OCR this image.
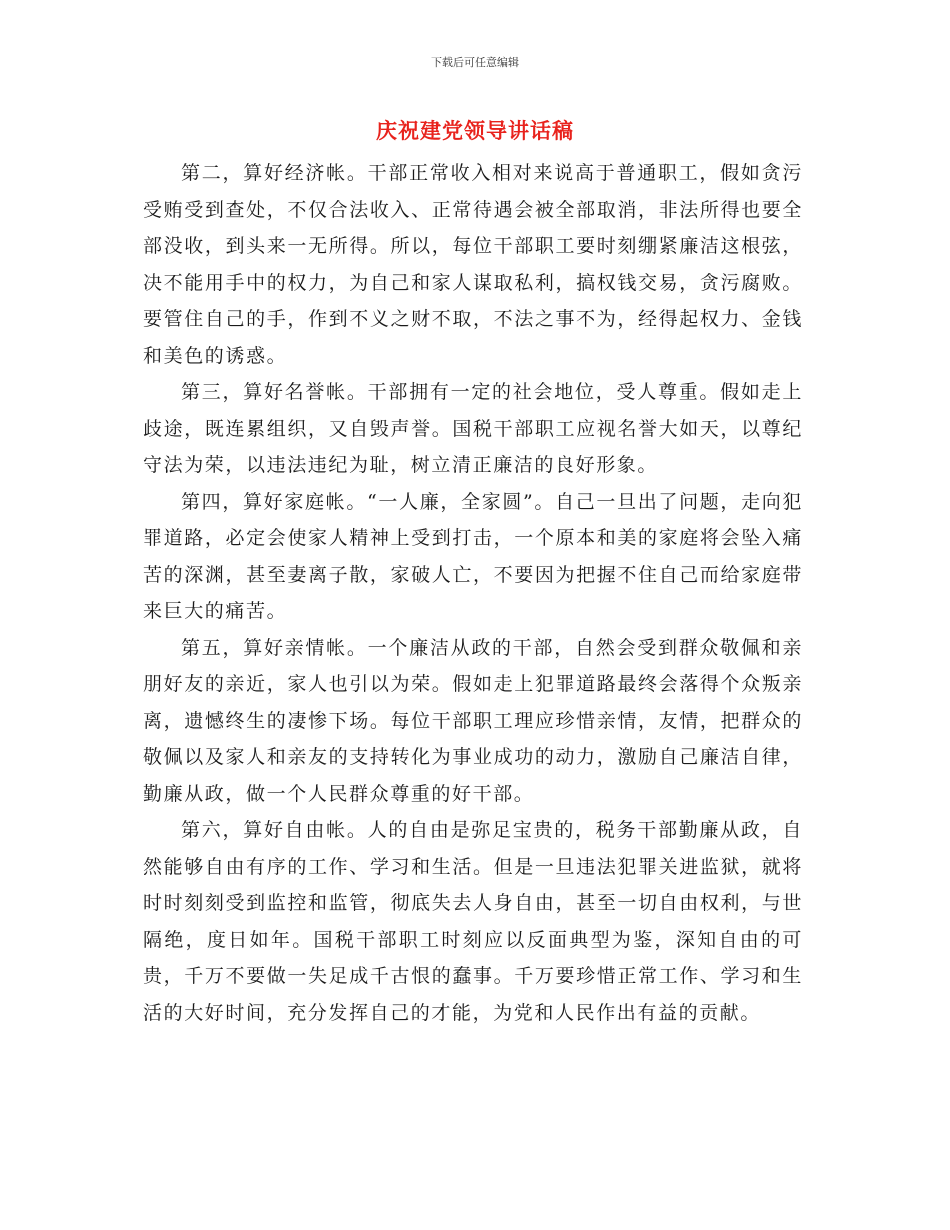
下载后可任意编辑
庆祝建党领导讲话稿

第二，算好经济帐。干部正常收入相对来说高于普通职工，假如贪污受贿受到查处，不仅合法收入、正常待遇会被全部取消，非法所得也要全部没收，到头来一无所得。所以，每位干部职工要时刻绷紧廉洁这根弦，决不能用手中的权力，为自己和家人谋取私利，搞权钱交易，贪污腐败。要管住自己的手，作到不义之财不取，不法之事不为，经得起权力、金钱和美色的诱惑。

第三，算好名誉帐。干部拥有一定的社会地位，受人尊重。假如走上歧途，既连累组织，又自毁声誉。国税干部职工应视名誉大如天，以尊纪守法为荣，以违法违纪为耻，树立清正廉洁的良好形象。

第四，算好家庭帐。“一人廉，全家圆”。自己一旦出了问题，走向犯罪道路，必定会使家人精神上受到打击，一个原本和美的家庭将会坠入痛苦的深渊，甚至妻离子散，家破人亡，不要因为把握不住自己而给家庭带来巨大的痛苦。

第五，算好亲情帐。一个廉洁从政的干部，自然会受到群众敬佩和亲朋好友的亲近，家人也引以为荣。假如走上犯罪道路最终会落得个众叛亲离，遗憾终生的凄惨下场。每位干部职工理应珍惜亲情，友情，把群众的敬佩以及家人和亲友的支持转化为事业成功的动力，激励自己廉洁自律，勤廉从政，做一个人民群众尊重的好干部。

第六，算好自由帐。人的自由是弥足宝贵的，税务干部勤廉从政，自然能够自由有序的工作、学习和生活。但是一旦违法犯罪关进监狱，就将时时刻刻受到监控和监管，彻底失去人身自由，甚至一切自由权利，与世隔绝，度日如年。国税干部职工时刻应以反面典型为鉴，深知自由的可贵，千万不要做一失足成千古恨的蠢事。千万要珍惜正常工作、学习和生活的大好时间，充分发挥自己的才能，为党和人民作出有益的贡献。
